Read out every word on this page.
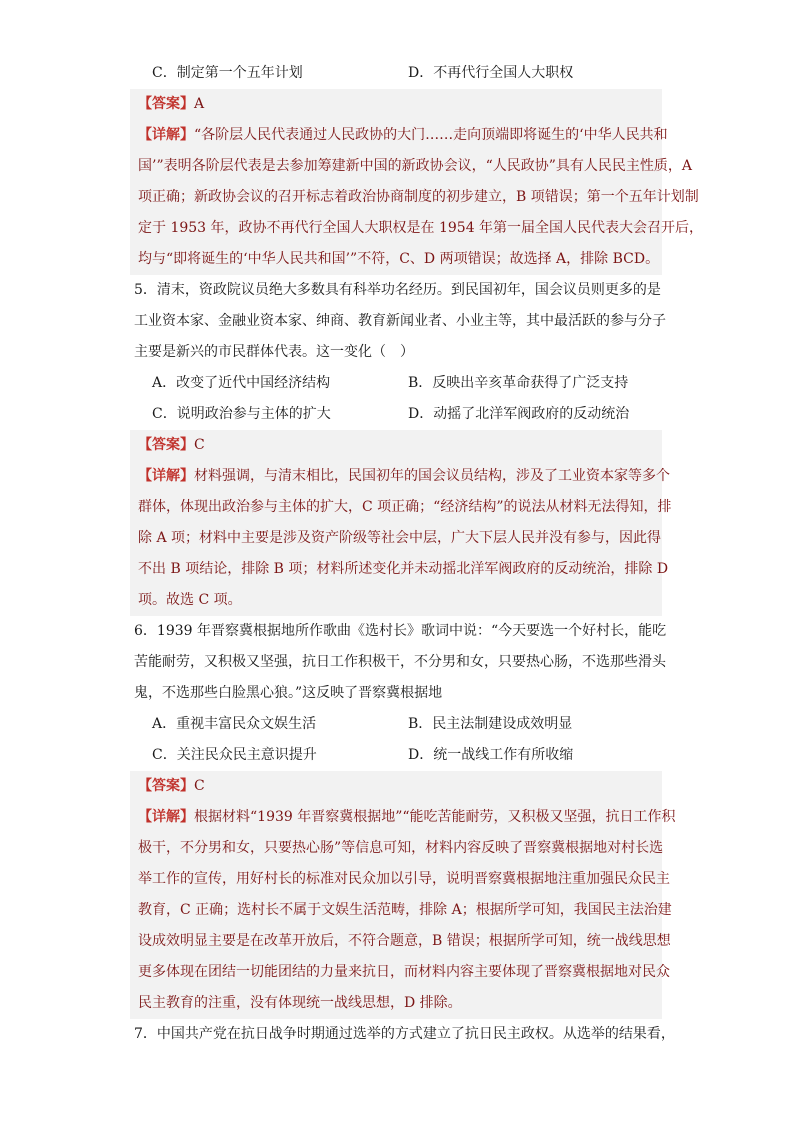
C．制定第一个五年计划	D．不再代行全国人大职权
【答案】A
【详解】“各阶层人民代表通过人民政协的大门……走向顶端即将诞生的‘中华人民共和
国’”表明各阶层代表是去参加筹建新中国的新政协会议，“人民政协”具有人民民主性质，A
项正确；新政协会议的召开标志着政治协商制度的初步建立，B 项错误；第一个五年计划制
定于 1953 年，政协不再代行全国人大职权是在 1954 年第一届全国人民代表大会召开后，
均与“即将诞生的‘中华人民共和国’”不符，C、D 两项错误；故选择 A，排除 BCD。
5．清末，资政院议员绝大多数具有科举功名经历。到民国初年，国会议员则更多的是
工业资本家、金融业资本家、绅商、教育新闻业者、小业主等，其中最活跃的参与分子
主要是新兴的市民群体代表。这一变化（　）
A．改变了近代中国经济结构	B．反映出辛亥革命获得了广泛支持
C．说明政治参与主体的扩大	D．动摇了北洋军阀政府的反动统治
【答案】C
【详解】材料强调，与清末相比，民国初年的国会议员结构，涉及了工业资本家等多个
群体，体现出政治参与主体的扩大，C 项正确；“经济结构”的说法从材料无法得知，排
除 A 项；材料中主要是涉及资产阶级等社会中层，广大下层人民并没有参与，因此得
不出 B 项结论，排除 B 项；材料所述变化并未动摇北洋军阀政府的反动统治，排除 D
项。故选 C 项。
6．1939 年晋察冀根据地所作歌曲《选村长》歌词中说：“今天要选一个好村长，能吃
苦能耐劳，又积极又坚强，抗日工作积极干，不分男和女，只要热心肠，不选那些滑头
鬼，不选那些白脸黑心狼。”这反映了晋察冀根据地
A．重视丰富民众文娱生活	B．民主法制建设成效明显
C．关注民众民主意识提升	D．统一战线工作有所收缩
【答案】C
【详解】根据材料“1939 年晋察冀根据地”“能吃苦能耐劳，又积极又坚强，抗日工作积
极干，不分男和女，只要热心肠”等信息可知，材料内容反映了晋察冀根据地对村长选
举工作的宣传，用好村长的标准对民众加以引导，说明晋察冀根据地注重加强民众民主
教育，C 正确；选村长不属于文娱生活范畴，排除 A；根据所学可知，我国民主法治建
设成效明显主要是在改革开放后，不符合题意，B 错误；根据所学可知，统一战线思想
更多体现在团结一切能团结的力量来抗日，而材料内容主要体现了晋察冀根据地对民众
民主教育的注重，没有体现统一战线思想，D 排除。
7．中国共产党在抗日战争时期通过选举的方式建立了抗日民主政权。从选举的结果看，
